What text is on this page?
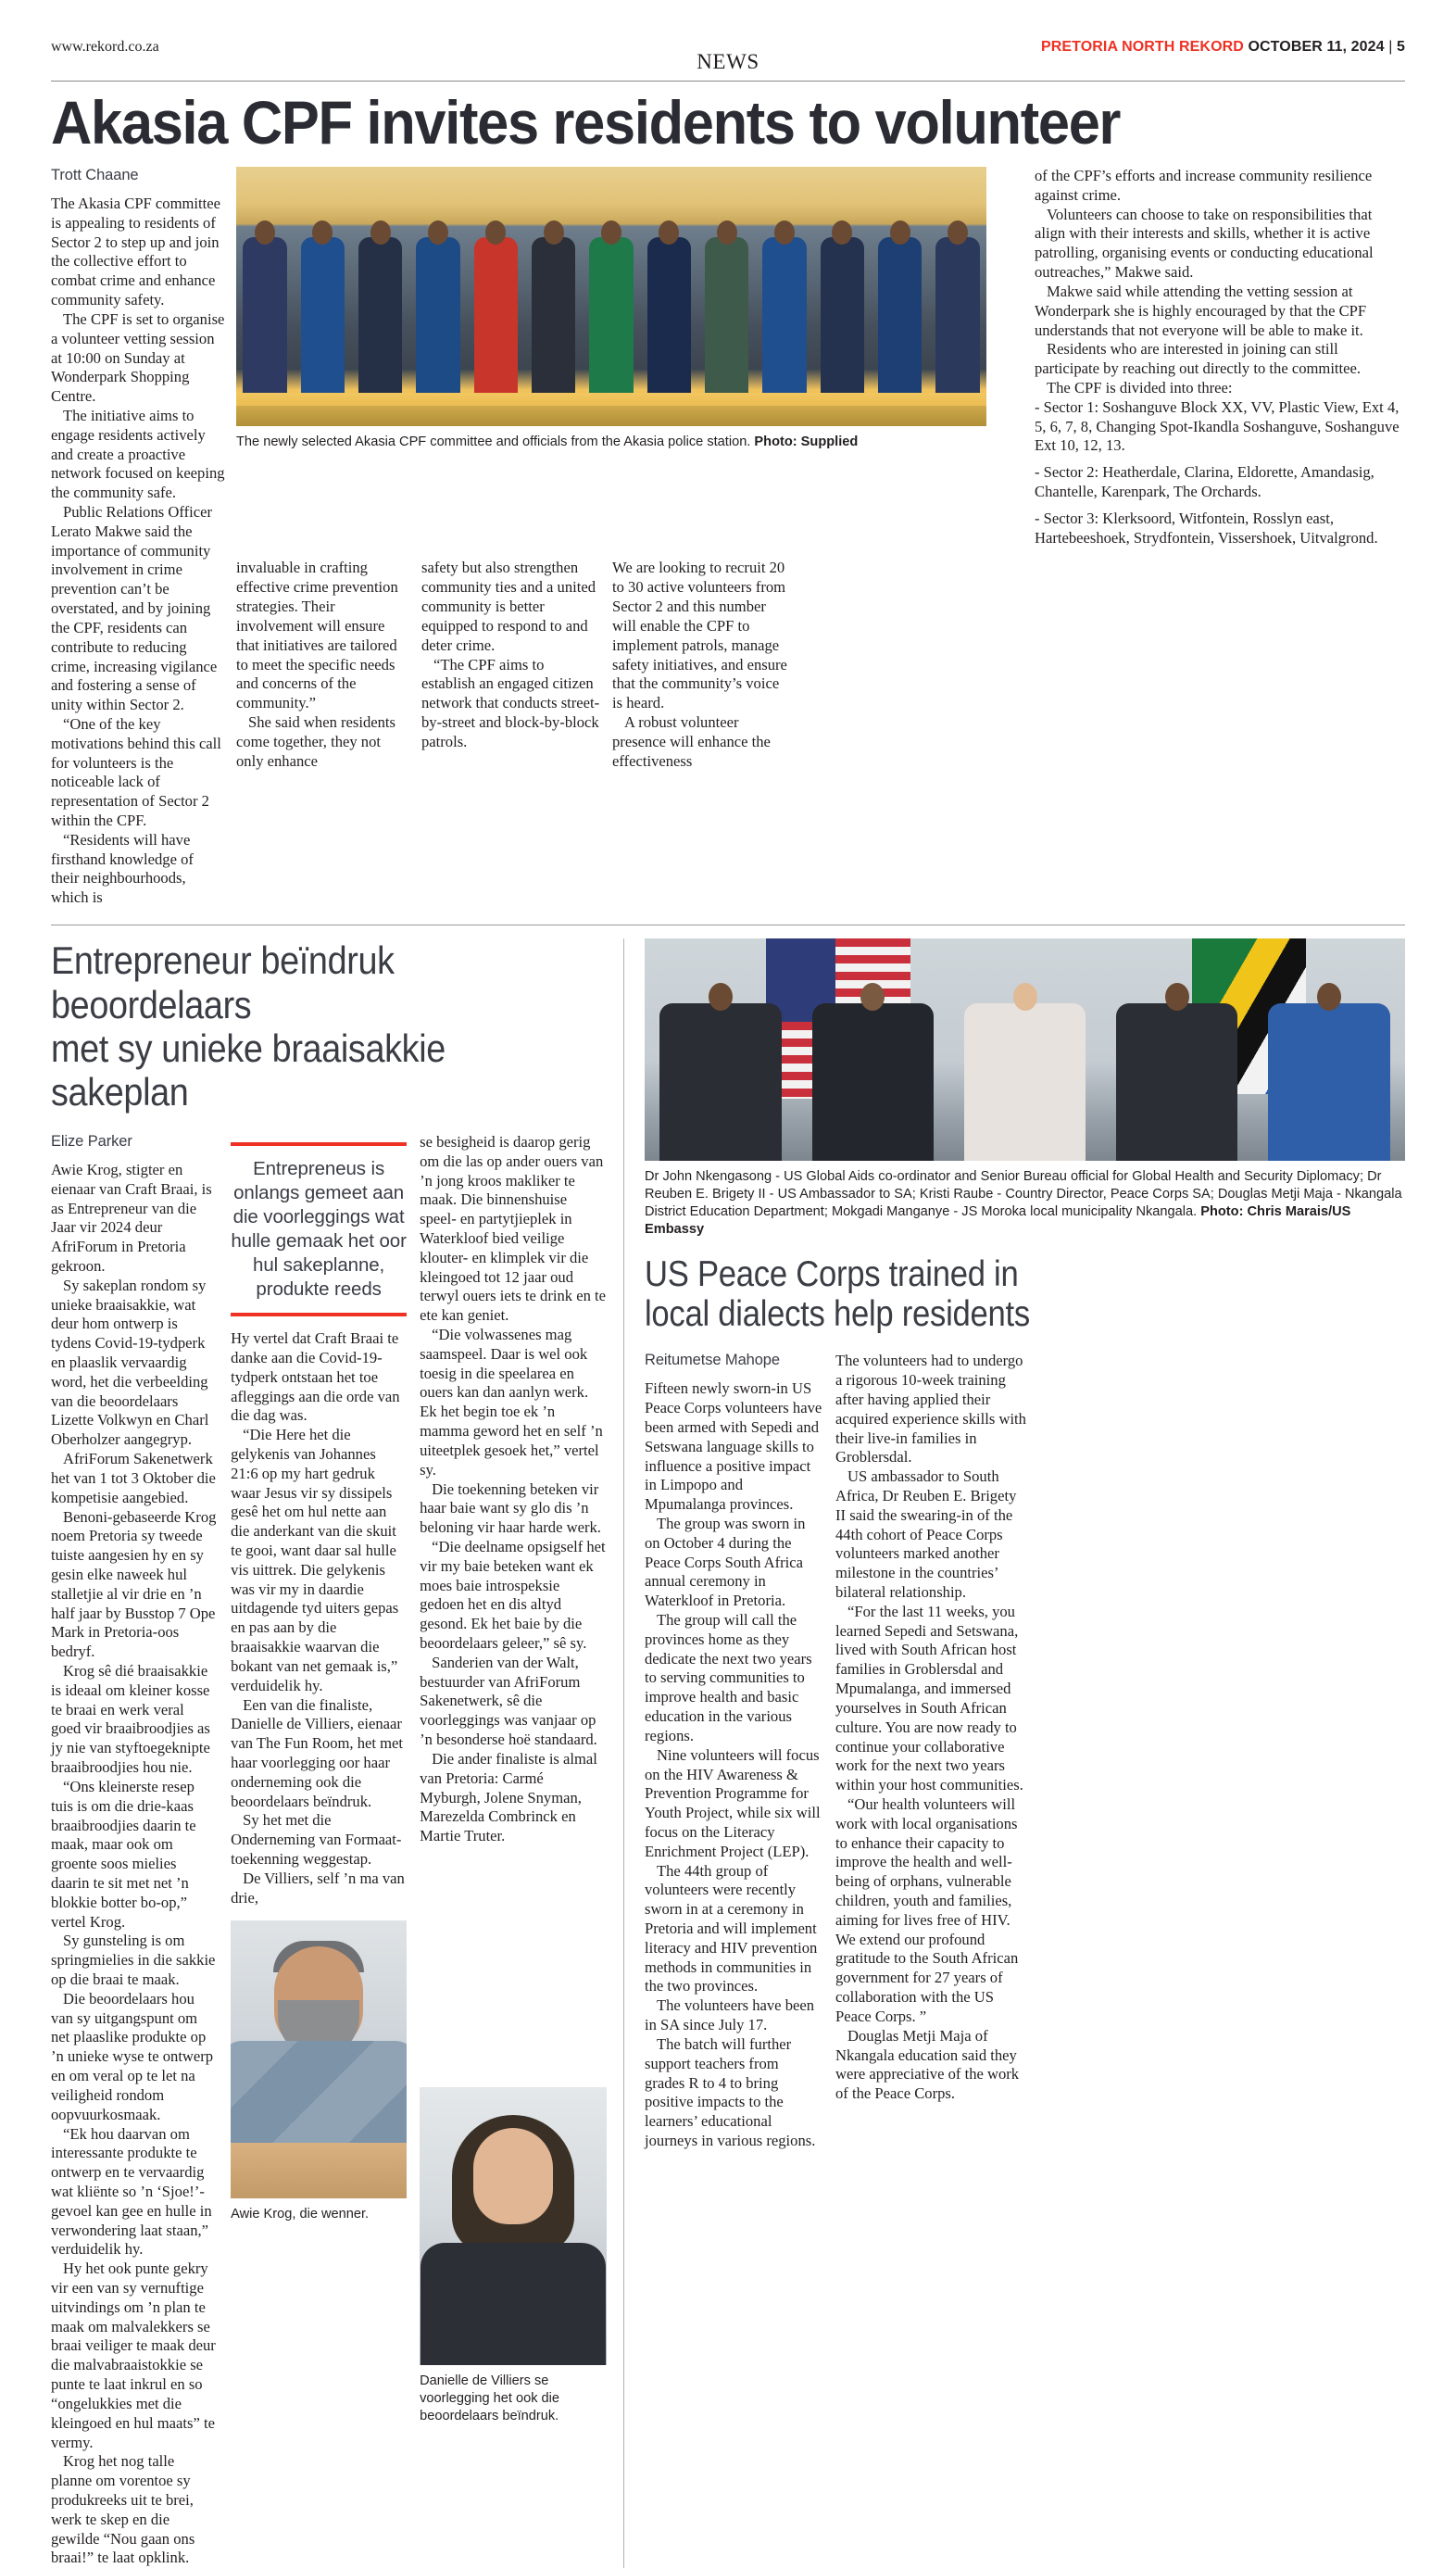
www.rekord.co.za	PRETORIA NORTH REKORD OCTOBER 11, 2024 | 5
NEWS
Akasia CPF invites residents to volunteer
Trott Chaane

The Akasia CPF committee is appealing to residents of Sector 2 to step up and join the collective effort to combat crime and enhance community safety.

The CPF is set to organise a volunteer vetting session at 10:00 on Sunday at Wonderpark Shopping Centre.

The initiative aims to engage residents actively and create a proactive network focused on keeping the community safe.

Public Relations Officer Lerato Makwe said the importance of community involvement in crime prevention can’t be overstated, and by joining the CPF, residents can contribute to reducing crime, increasing vigilance and fostering a sense of unity within Sector 2.

“One of the key motivations behind this call for volunteers is the noticeable lack of representation of Sector 2 within the CPF.

“Residents will have firsthand knowledge of their neighbourhoods, which is

The newly selected Akasia CPF committee and officials from the Akasia police station. Photo: Supplied

of the CPF’s efforts and increase community resilience against crime.

Volunteers can choose to take on responsibilities that align with their interests and skills, whether it is active patrolling, organising events or conducting educational outreaches,” Makwe said.

Makwe said while attending the vetting session at Wonderpark she is highly encouraged by that the CPF understands that not everyone will be able to make it.

Residents who are interested in joining can still participate by reaching out directly to the committee.

The CPF is divided into three:

- Sector 1: Soshanguve Block XX, VV, Plastic View, Ext 4, 5, 6, 7, 8, Changing Spot-Ikandla Soshanguve, Soshanguve Ext 10, 12, 13.

- Sector 2: Heatherdale, Clarina, Eldorette, Amandasig, Chantelle, Karenpark, The Orchards.

- Sector 3: Klerksoord, Witfontein, Rosslyn east, Hartebeeshoek, Strydfontein, Vissershoek, Uitvalgrond.

invaluable in crafting effective crime prevention strategies. Their involvement will ensure that initiatives are tailored to meet the specific needs and concerns of the community.”

She said when residents come together, they not only enhance

safety but also strengthen community ties and a united community is better equipped to respond to and deter crime.

“The CPF aims to establish an engaged citizen network that conducts street-by-street and block-by-block patrols.

We are looking to recruit 20 to 30 active volunteers from Sector 2 and this number will enable the CPF to implement patrols, manage safety initiatives, and ensure that the community’s voice is heard.

A robust volunteer presence will enhance the effectiveness

Entrepreneur beïndruk beoordelaars
met sy unieke braaisakkie sakeplan
Elize Parker

Awie Krog, stigter en eienaar van Craft Braai, is as Entrepreneur van die Jaar vir 2024 deur AfriForum in Pretoria gekroon.

Sy sakeplan rondom sy unieke braaisakkie, wat deur hom ontwerp is tydens Covid-19-tydperk en plaaslik vervaardig word, het die verbeelding van die beoordelaars Lizette Volkwyn en Charl Oberholzer aangegryp.

AfriForum Sakenetwerk het van 1 tot 3 Oktober die kompetisie aangebied.

Benoni-gebaseerde Krog noem Pretoria sy tweede tuiste aangesien hy en sy gesin elke naweek hul stalletjie al vir drie en ’n half jaar by Busstop 7 Ope Mark in Pretoria-oos bedryf.

Krog sê dié braaisakkie is ideaal om kleiner kosse te braai en werk veral goed vir braaibroodjies as jy nie van styftoegeknipte braaibroodjies hou nie.

“Ons kleinerste resep tuis is om die drie-kaas braaibroodjies daarin te maak, maar ook om groente soos mielies daarin te sit met net ’n blokkie botter bo-op,” vertel Krog.

Sy gunsteling is om springmielies in die sakkie op die braai te maak.

Die beoordelaars hou van sy uitgangspunt om net plaaslike produkte op ’n unieke wyse te ontwerp en om veral op te let na veiligheid rondom oopvuurkosmaak.

“Ek hou daarvan om interessante produkte te ontwerp en te vervaardig wat kliënte so ’n ‘Sjoe!’-gevoel kan gee en hulle in verwondering laat staan,” verduidelik hy.

Hy het ook punte gekry vir een van sy vernuftige uitvindings om ’n plan te maak om malvalekkers se braai veiliger te maak deur die malvabraaistokkie se punte te laat inkrul en so “ongelukkies met die kleingoed en hul maats” te vermy.

Krog het nog talle planne om vorentoe sy produkreeks uit te brei, werk te skep en die gewilde “Nou gaan ons braai!” te laat opklink.

Entrepreneus is onlangs gemeet aan die voorleggings wat hulle gemaak het oor hul sakeplanne, produkte reeds

Hy vertel dat Craft Braai te danke aan die Covid-19-tydperk ontstaan het toe afleggings aan die orde van die dag was.

“Die Here het die gelykenis van Johannes 21:6 op my hart gedruk waar Jesus vir sy dissipels gesê het om hul nette aan die anderkant van die skuit te gooi, want daar sal hulle vis uittrek. Die gelykenis was vir my in daardie uitdagende tyd uiters gepas en pas aan by die braaisakkie waarvan die bokant van net gemaak is,” verduidelik hy.

Een van die finaliste, Danielle de Villiers, eienaar van The Fun Room, het met haar voorlegging oor haar onderneming ook die beoordelaars beïndruk.

Sy het met die Onderneming van Formaat-toekenning weggestap.

De Villiers, self ’n ma van drie,

Awie Krog, die wenner.

se besigheid is daarop gerig om die las op ander ouers van ’n jong kroos makliker te maak. Die binnenshuise speel- en partytjieplek in Waterkloof bied veilige klouter- en klimplek vir die kleingoed tot 12 jaar oud terwyl ouers iets te drink en te ete kan geniet.

“Die volwassenes mag saamspeel. Daar is wel ook toesig in die speelarea en ouers kan dan aanlyn werk. Ek het begin toe ek ’n mamma geword het en self ’n uiteetplek gesoek het,” vertel sy.

Die toekenning beteken vir haar baie want sy glo dis ’n beloning vir haar harde werk.

“Die deelname opsigself het vir my baie beteken want ek moes baie introspeksie gedoen het en dis altyd gesond. Ek het baie by die beoordelaars geleer,” sê sy.

Sanderien van der Walt, bestuurder van AfriForum Sakenetwerk, sê die voorleggings was vanjaar op ’n besonderse hoë standaard.

Die ander finaliste is almal van Pretoria: Carmé Myburgh, Jolene Snyman, Marezelda Combrinck en Martie Truter.

Danielle de Villiers se voorlegging het ook die beoordelaars beïndruk.
Dr John Nkengasong - US Global Aids co-ordinator and Senior Bureau official for Global Health and Security Diplomacy; Dr Reuben E. Brigety II - US Ambassador to SA; Kristi Raube - Country Director, Peace Corps SA; Douglas Metji Maja - Nkangala District Education Department; Mokgadi Manganye - JS Moroka local municipality Nkangala. Photo: Chris Marais/US Embassy
US Peace Corps trained in
local dialects help residents
Reitumetse Mahope

Fifteen newly sworn-in US Peace Corps volunteers have been armed with Sepedi and Setswana language skills to influence a positive impact in Limpopo and Mpumalanga provinces.

The group was sworn in on October 4 during the Peace Corps South Africa annual ceremony in Waterkloof in Pretoria.

The group will call the provinces home as they dedicate the next two years to serving communities to improve health and basic education in the various regions.

Nine volunteers will focus on the HIV Awareness & Prevention Programme for Youth Project, while six will focus on the Literacy Enrichment Project (LEP).

The 44th group of volunteers were recently sworn in at a ceremony in Pretoria and will implement literacy and HIV prevention methods in communities in the two provinces.

The volunteers have been in SA since July 17.

The batch will further support teachers from grades R to 4 to bring positive impacts to the learners’ educational journeys in various regions.

The volunteers had to undergo a rigorous 10-week training after having applied their acquired experience skills with their live-in families in Groblersdal.

US ambassador to South Africa, Dr Reuben E. Brigety II said the swearing-in of the 44th cohort of Peace Corps volunteers marked another milestone in the countries’ bilateral relationship.

“For the last 11 weeks, you learned Sepedi and Setswana, lived with South African host families in Groblersdal and Mpumalanga, and immersed yourselves in South African culture. You are now ready to continue your collaborative work for the next two years within your host communities.

“Our health volunteers will work with local organisations to enhance their capacity to improve the health and well-being of orphans, vulnerable children, youth and families, aiming for lives free of HIV. We extend our profound gratitude to the South African government for 27 years of collaboration with the US Peace Corps. ”

Douglas Metji Maja of Nkangala education said they were appreciative of the work of the Peace Corps.
